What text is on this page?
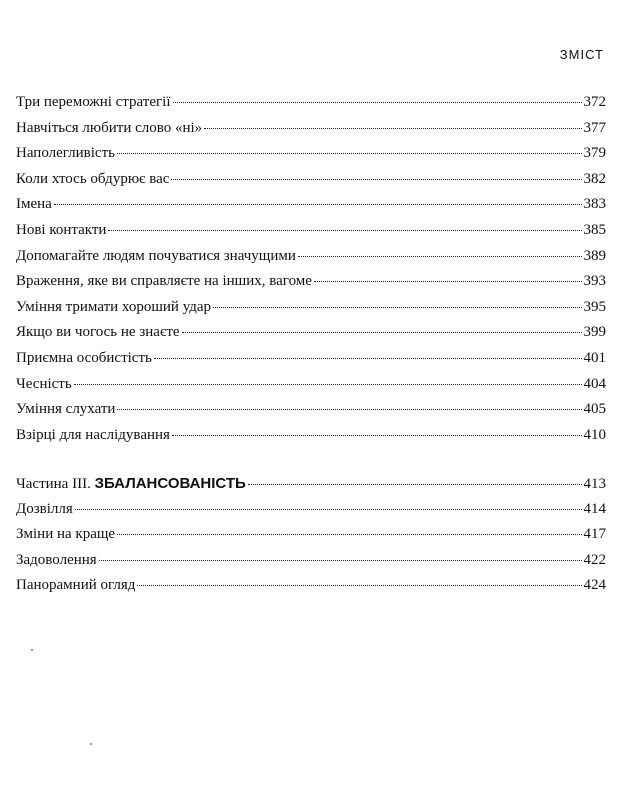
ЗМІСТ
Три переможні стратегії	372
Навчіться любити слово «ні»	377
Наполегливість	379
Коли хтось обдурює вас	382
Імена	383
Нові контакти	385
Допомагайте людям почуватися значущими	389
Враження, яке ви справляєте на інших, вагоме	393
Уміння тримати хороший удар	395
Якщо ви чогось не знаєте	399
Приємна особистість	401
Чесність	404
Уміння слухати	405
Взірці для наслідування	410
Частина ІІІ. ЗБАЛАНСОВАНІСТЬ	413
Дозвілля	414
Зміни на краще	417
Задоволення	422
Панорамний огляд	424
